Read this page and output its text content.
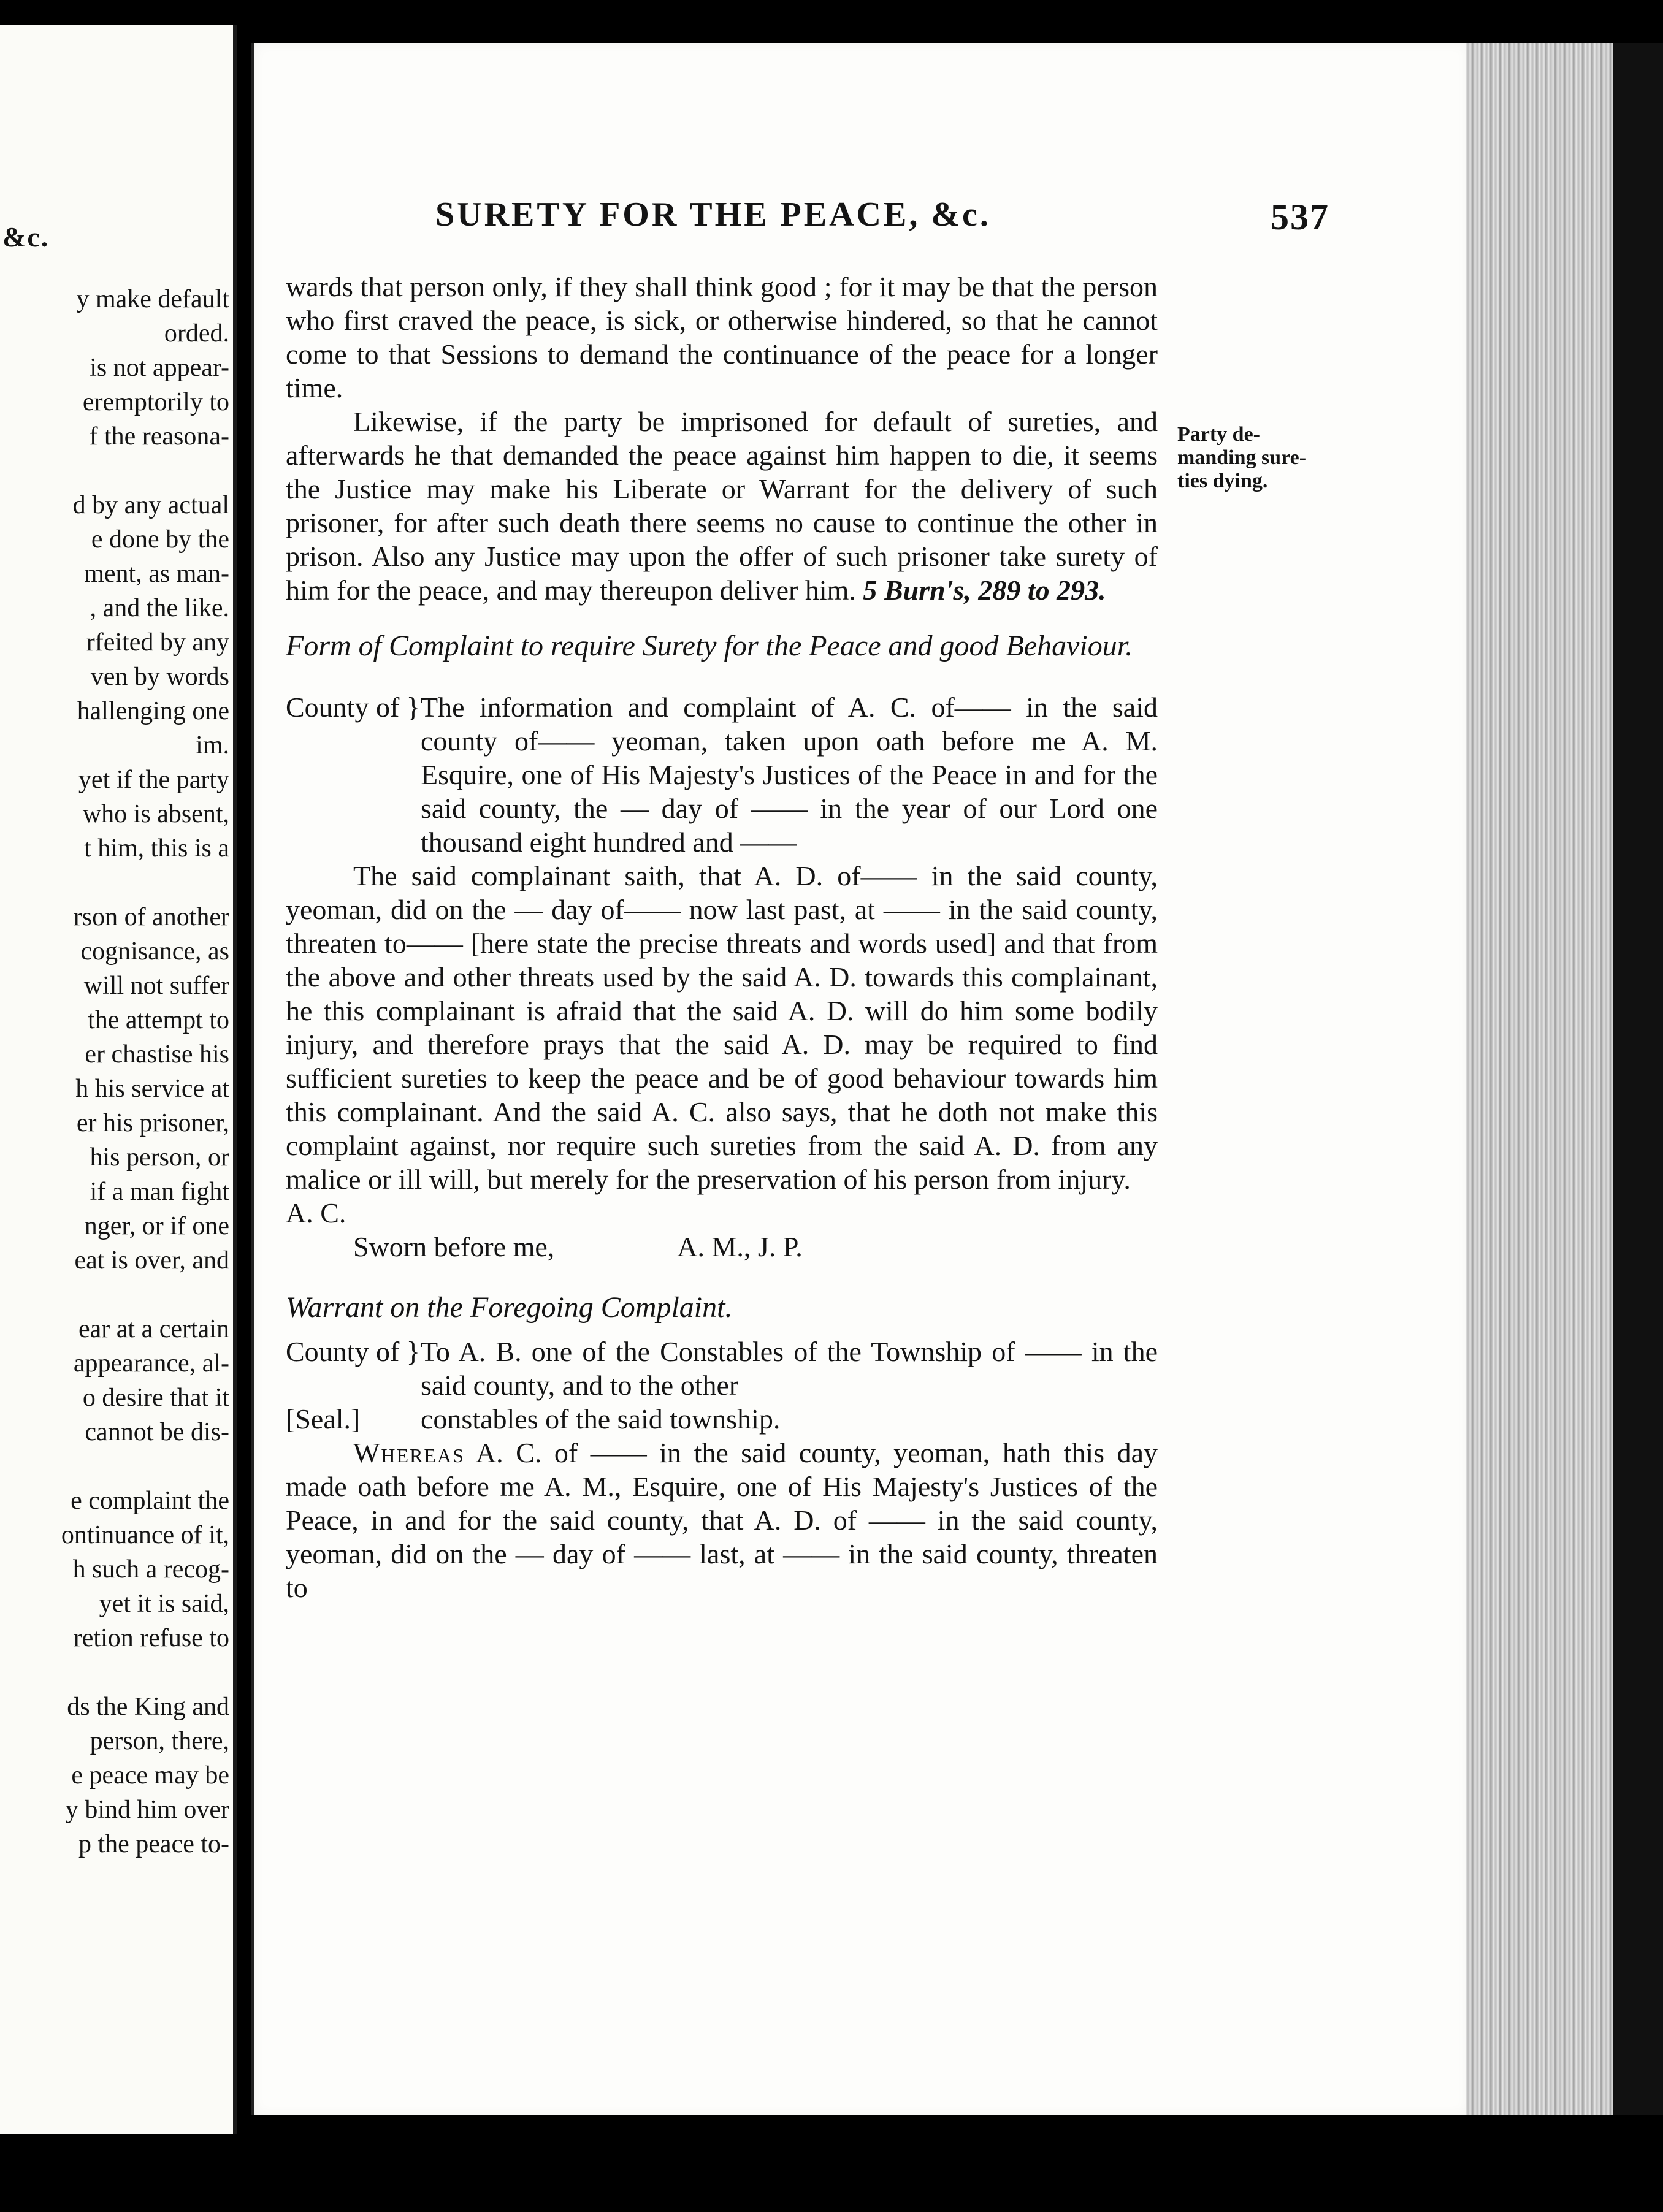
&c.
y make default
orded.
is not appear-
eremptorily to
f the reasona-
d by any actual
e done by the
ment, as man-
, and the like.
rfeited by any
ven by words
hallenging one
im.
yet if the party
who is absent,
t him, this is a
rson of another
cognisance, as
will not suffer
the attempt to
er chastise his
h his service at
er his prisoner,
his person, or
if a man fight
nger, or if one
eat is over, and
ear at a certain
appearance, al-
o desire that it
cannot be dis-
e complaint the
ontinuance of it,
h such a recog-
yet it is said,
retion refuse to
ds the King and
person, there,
e peace may be
y bind him over
p the peace to-
SURETY FOR THE PEACE, &c.	537
Party de-manding sure-ties dying.

wards that person only, if they shall think good ; for it may be that the person who first craved the peace, is sick, or otherwise hindered, so that he cannot come to that Sessions to demand the continuance of the peace for a longer time.

Likewise, if the party be imprisoned for default of sureties, and afterwards he that demanded the peace against him happen to die, it seems the Justice may make his Liberate or Warrant for the delivery of such prisoner, for after such death there seems no cause to continue the other in prison. Also any Justice may upon the offer of such prisoner take surety of him for the peace, and may thereupon deliver him. 5 Burn's, 289 to 293.

Form of Complaint to require Surety for the Peace and good Behaviour.

County of } The information and complaint of A. C. of—— in the said county of—— yeoman, taken upon oath before me A. M. Esquire, one of His Majesty's Justices of the Peace in and for the said county, the — day of —— in the year of our Lord one thousand eight hundred and ——

The said complainant saith, that A. D. of—— in the said county, yeoman, did on the — day of—— now last past, at —— in the said county, threaten to—— [here state the precise threats and words used] and that from the above and other threats used by the said A. D. towards this complainant, he this complainant is afraid that the said A. D. will do him some bodily injury, and therefore prays that the said A. D. may be required to find sufficient sureties to keep the peace and be of good behaviour towards him this complainant. And the said A. C. also says, that he doth not make this complaint against, nor require such sureties from the said A. D. from any malice or ill will, but merely for the preservation of his person from injury.

A. C.

Sworn before me,	A. M., J. P.

Warrant on the Foregoing Complaint.

County of } To A. B. one of the Constables of the Township of —— in the said county, and to the other
[Seal.]	constables of the said township.

Whereas A. C. of —— in the said county, yeoman, hath this day made oath before me A. M., Esquire, one of His Majesty's Justices of the Peace, in and for the said county, that A. D. of —— in the said county, yeoman, did on the — day of —— last, at —— in the said county, threaten to
